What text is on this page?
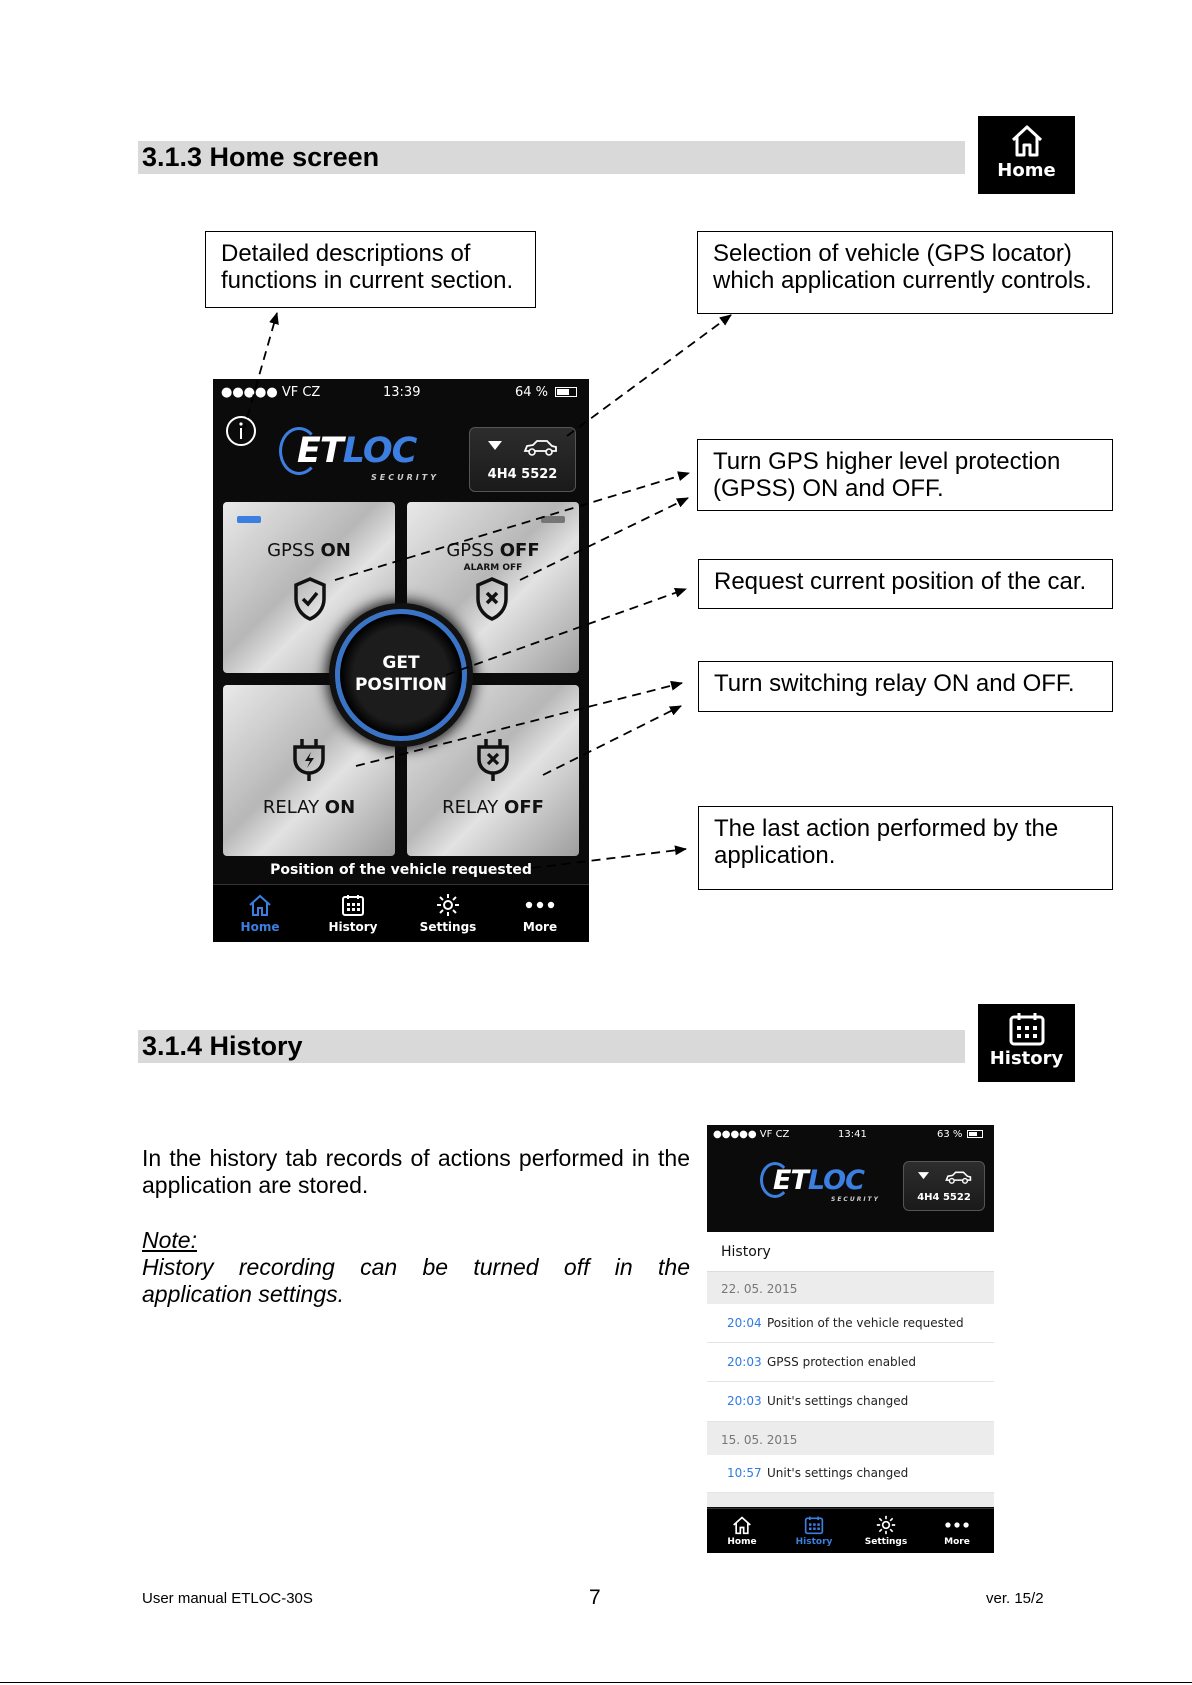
3.1.3 Home screen	Home
Detailed descriptions of functions in current section.
Selection of vehicle (GPS locator) which application currently controls.
Turn GPS higher level protection (GPSS) ON and OFF.
Request current position of the car.
Turn switching relay ON and OFF.
The last action performed by the application.
●●●●● VF CZ	13:39	64 %
ETLOC
SECURITY	4H4 5522
GPSS ON	GPSS OFF
ALARM OFF
RELAY ON	RELAY OFF
GET
POSITION
Position of the vehicle requested
Home	History	Settings	More
3.1.4 History	History
In the history tab records of actions performed in the application are stored.
Note:
History recording can be turned off in the
application settings.
●●●●● VF CZ	13:41	63 %
ETLOC
SECURITY	4H4 5522
History
22. 05. 2015
20:04 Position of the vehicle requested
20:03 GPSS protection enabled
20:03 Unit's settings changed
15. 05. 2015
10:57 Unit's settings changed
Home	History	Settings	More
User manual ETLOC-30S	7	ver. 15/2
